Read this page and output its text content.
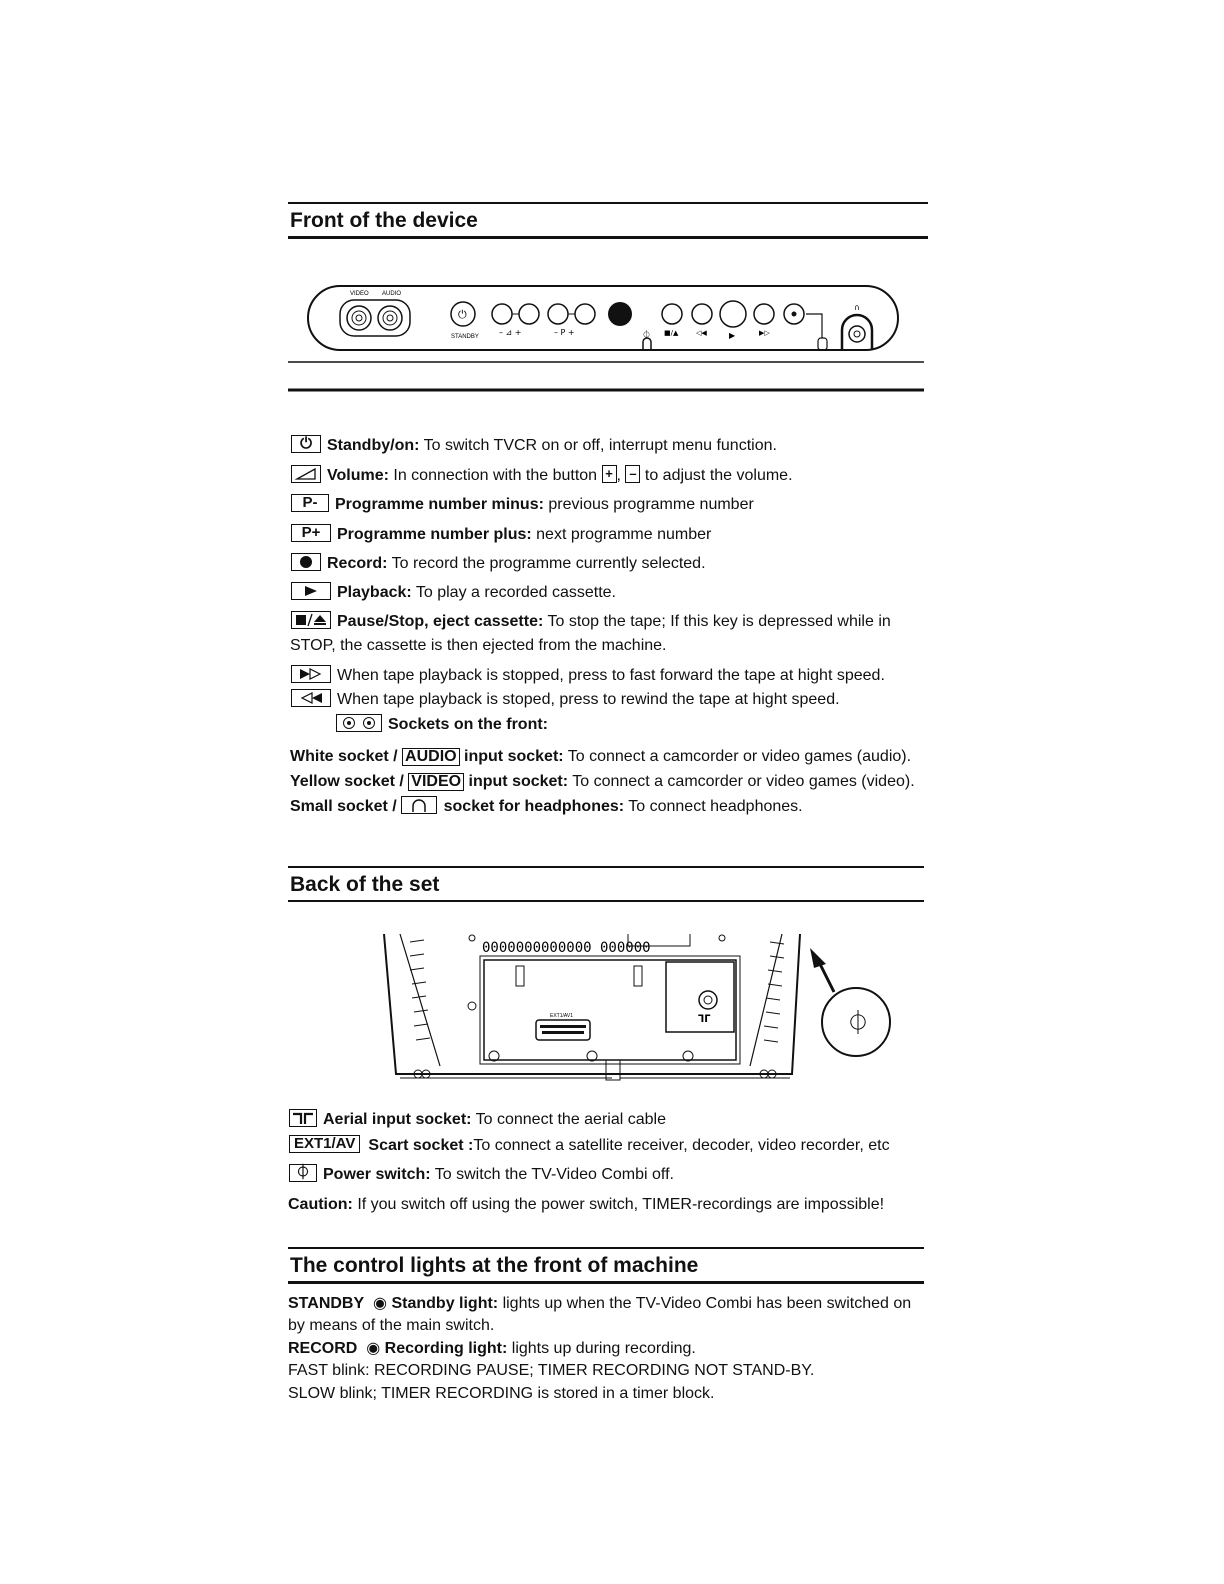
Front of the device
VIDEO AUDIO
⏻
STANDBY	– ⊿ +	– P +	⏀ ■/▲	◁◀	▶	▶▷
∩
⏻ Standby/on: To switch TVCR on or off, interrupt menu function.
Volume: In connection with the button + , – to adjust the volume.
P- Programme number minus: previous programme number
P+ Programme number plus: next programme number
Record: To record the programme currently selected.
Playback: To play a recorded cassette.
Pause/Stop, eject cassette: To stop the tape; If this key is depressed while in
STOP, the cassette is then ejected from the machine.
When tape playback is stopped, press to fast forward the tape at hight speed.
When tape playback is stoped, press to rewind the tape at hight speed.
Sockets on the front:
White socket / AUDIO input socket: To connect a camcorder or video games (audio).
Yellow socket / VIDEO input socket: To connect a camcorder or video games (video).
Small socket /
socket for headphones: To connect headphones.
Back of the set
ᒣᒥ
EXT1/AV1
0000000000000 000000
⏀
Aerial input socket: To connect the aerial cable
EXT1/AV Scart socket :To connect a satellite receiver, decoder, video recorder, etc
⏀ Power switch: To switch the TV-Video Combi off.
Caution: If you switch off using the power switch, TIMER-recordings are impossible!
The control lights at the front of machine
STANDBY ◉ Standby light: lights up when the TV-Video Combi has been switched on by means of the main switch.
RECORD ◉ Recording light: lights up during recording.
FAST blink: RECORDING PAUSE; TIMER RECORDING NOT STAND-BY.
SLOW blink; TIMER RECORDING is stored in a timer block.
